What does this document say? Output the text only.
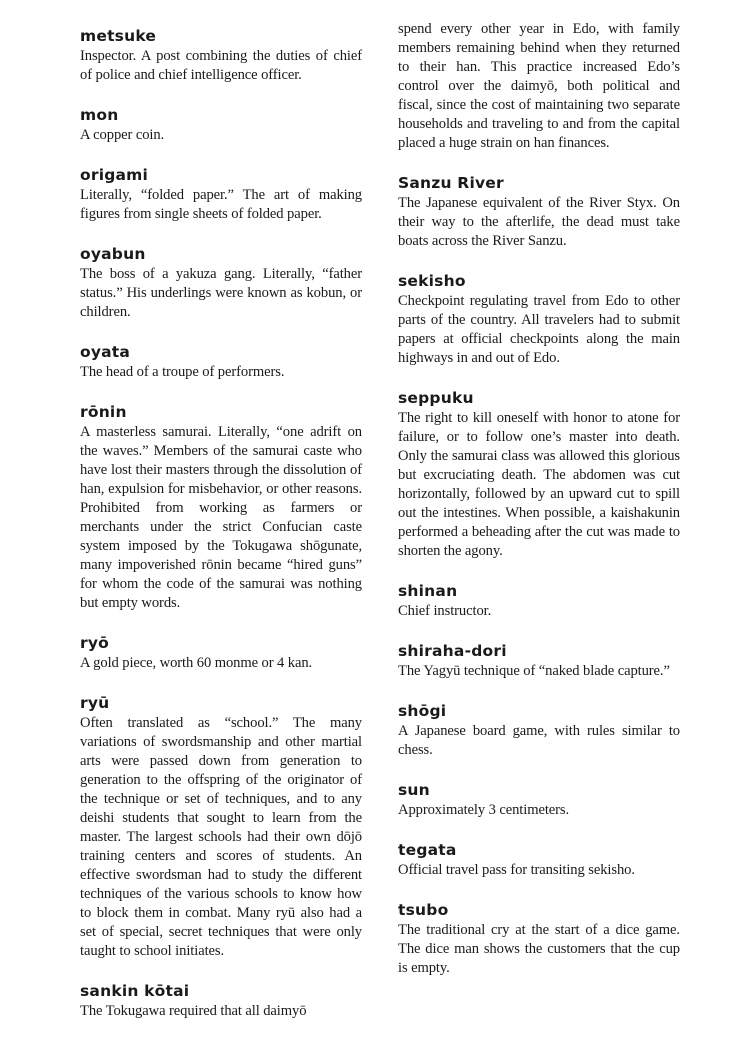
metsuke
Inspector. A post combining the duties of chief of police and chief intelligence officer.
mon
A copper coin.
origami
Literally, “folded paper.” The art of making figures from single sheets of folded paper.
oyabun
The boss of a yakuza gang. Literally, “father status.” His underlings were known as kobun, or children.
oyata
The head of a troupe of performers.
rōnin
A masterless samurai. Literally, “one adrift on the waves.” Members of the samurai caste who have lost their masters through the dissolution of han, expulsion for misbehavior, or other reasons. Prohibited from working as farmers or merchants under the strict Confucian caste system imposed by the Tokugawa shōgunate, many impoverished rōnin became “hired guns” for whom the code of the samurai was nothing but empty words.
ryō
A gold piece, worth 60 monme or 4 kan.
ryū
Often translated as “school.” The many variations of swordsmanship and other martial arts were passed down from generation to generation to the offspring of the originator of the technique or set of techniques, and to any deishi students that sought to learn from the master. The largest schools had their own dōjō training centers and scores of students. An effective swordsman had to study the different techniques of the various schools to know how to block them in combat. Many ryū also had a set of special, secret techniques that were only taught to school initiates.
sankin kōtai
The Tokugawa required that all daimyō
spend every other year in Edo, with family members remaining behind when they returned to their han. This practice increased Edo’s control over the daimyō, both political and fiscal, since the cost of maintaining two separate households and traveling to and from the capital placed a huge strain on han finances.
Sanzu River
The Japanese equivalent of the River Styx. On their way to the afterlife, the dead must take boats across the River Sanzu.
sekisho
Checkpoint regulating travel from Edo to other parts of the country. All travelers had to submit papers at official checkpoints along the main highways in and out of Edo.
seppuku
The right to kill oneself with honor to atone for failure, or to follow one’s master into death. Only the samurai class was allowed this glorious but excruciating death. The abdomen was cut horizontally, followed by an upward cut to spill out the intestines. When possible, a kaishakunin performed a beheading after the cut was made to shorten the agony.
shinan
Chief instructor.
shiraha-dori
The Yagyū technique of “naked blade capture.”
shōgi
A Japanese board game, with rules similar to chess.
sun
Approximately 3 centimeters.
tegata
Official travel pass for transiting sekisho.
tsubo
The traditional cry at the start of a dice game. The dice man shows the customers that the cup is empty.
